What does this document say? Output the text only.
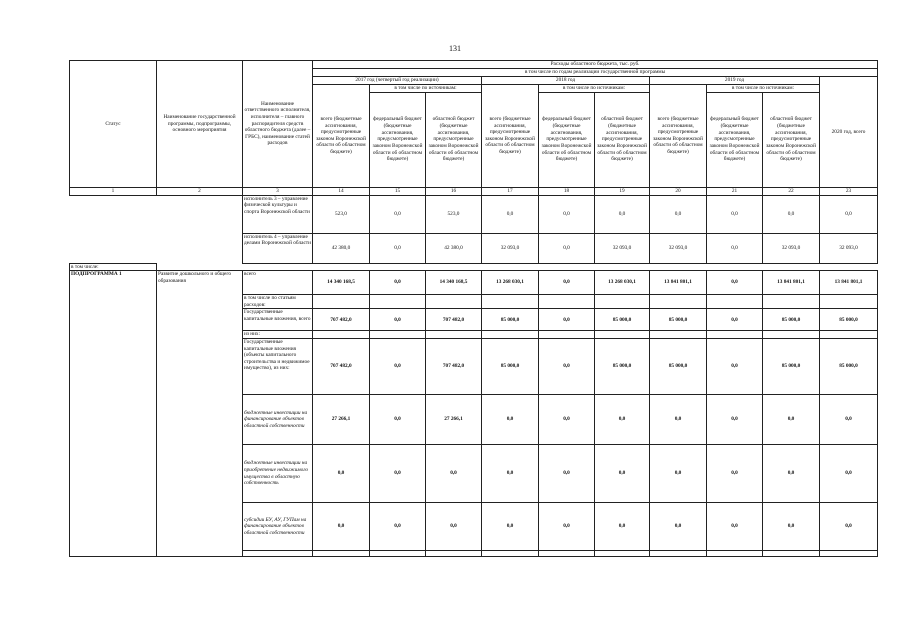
131
Статус	Наименование государственной программы, подпрограммы, основного мероприятия	Наименование ответственного исполнителя, исполнителя – главного распорядителя средств областного бюджета (далее – ГРБС), наименование статей расходов	Расходы областного бюджета, тыс. руб.									
			в том числе по годам реализации государственной программы									
			2017 год (четвертый год реализации)			2018 год			2019 год			2020 год, всего
			всего (бюджетные ассигнования, предусмотренные законом Воронежской области об областном бюджете)	в том числе по источникам:		всего (бюджетные ассигнования, предусмотренные законом Воронежской области об областном бюджете)	в том числе по источникам:		всего (бюджетные ассигнования, предусмотренные законом Воронежской области об областном бюджете)	в том числе по источникам:		
				федеральный бюджет (бюджетные ассигнования, предусмотренные законом Воронежской области об областном бюджете)	областной бюджет (бюджетные ассигнования, предусмотренные законом Воронежской области об областном бюджете)		федеральный бюджет (бюджетные ассигнования, предусмотренные законом Воронежской области об областном бюджете)	областной бюджет (бюджетные ассигнования, предусмотренные законом Воронежской области об областном бюджете)		федеральный бюджет (бюджетные ассигнования, предусмотренные законом Воронежской области об областном бюджете)	областной бюджет (бюджетные ассигнования, предусмотренные законом Воронежской области об областном бюджете)	
1	2	3	14	15	16	17	18	19	20	21	22	23
		исполнитель 3 – управление физической культуры и спорта Воронежской области	523,0	0,0	523,0	0,0	0,0	0,0	0,0	0,0	0,0	0,0
		исполнитель 4 – управление делами Воронежской области	42 380,0	0,0	42 380,0	32 093,0	0,0	32 093,0	32 093,0	0,0	32 093,0	32 093,0
в том числе:												
ПОДПРОГРАММА 1	Развитие дошкольного и общего образования	всего	14 340 168,5	0,0	14 340 168,5	13 268 030,1	0,0	13 268 030,1	13 841 801,1	0,0	13 841 801,1	13 841 801,1
		в том числе по статьям расходов:										
		Государственные капитальные вложения, всего	707 482,0	0,0	707 482,0	85 000,0	0,0	85 000,0	85 000,0	0,0	85 000,0	85 000,0
		из них:										
		Государственные капитальные вложения (объекты капитального строительства и недвижимое имущество), из них:	707 482,0	0,0	707 482,0	85 000,0	0,0	85 000,0	85 000,0	0,0	85 000,0	85 000,0
		бюджетные инвестиции на финансирование объектов областной собственности	27 266,1	0,0	27 266,1	0,0	0,0	0,0	0,0	0,0	0,0	0,0
		бюджетные инвестиции на приобретение недвижимого имущества в областную собственность	0,0	0,0	0,0	0,0	0,0	0,0	0,0	0,0	0,0	0,0
		субсидии БУ, АУ, ГУПам на финансирование объектов областной собственности	0,0	0,0	0,0	0,0	0,0	0,0	0,0	0,0	0,0	0,0
